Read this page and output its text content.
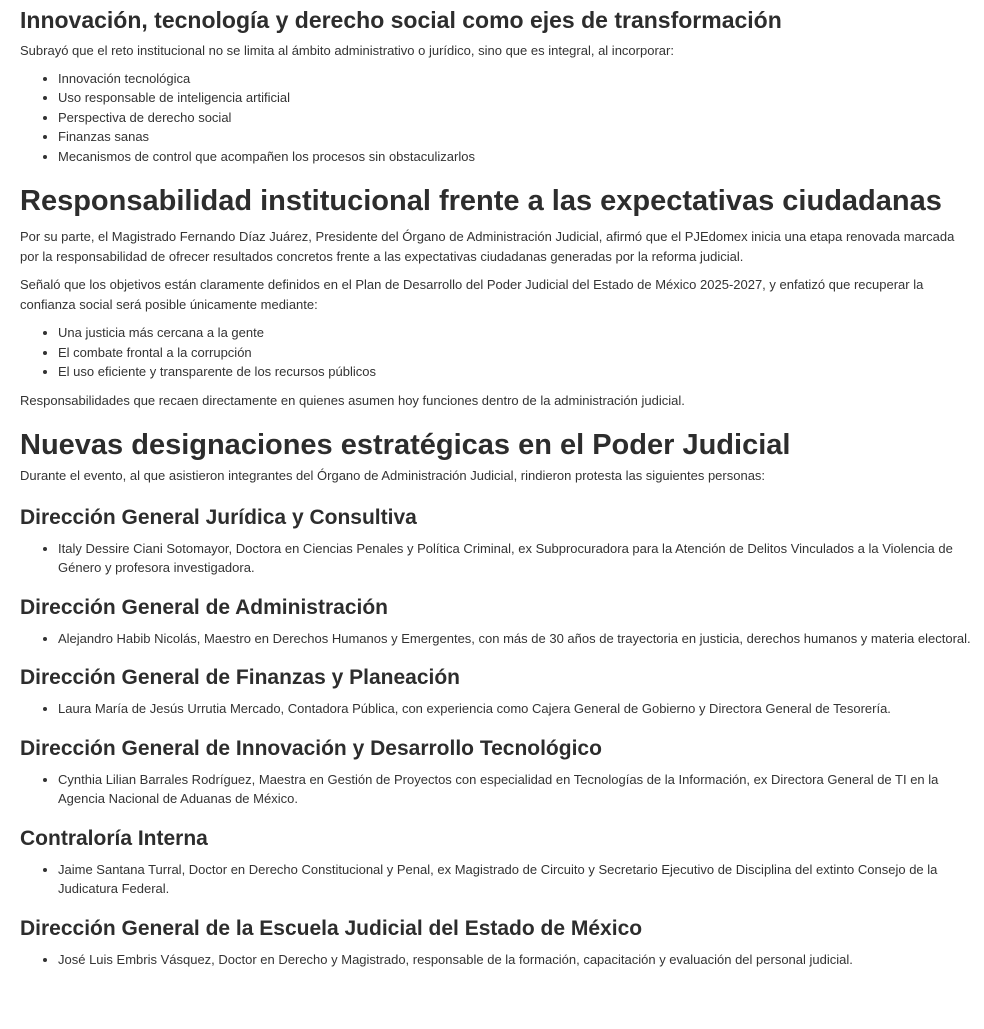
Innovación, tecnología y derecho social como ejes de transformación

Subrayó que el reto institucional no se limita al ámbito administrativo o jurídico, sino que es integral, al incorporar:

• Innovación tecnológica
• Uso responsable de inteligencia artificial
• Perspectiva de derecho social
• Finanzas sanas
• Mecanismos de control que acompañen los procesos sin obstaculizarlos
Responsabilidad institucional frente a las expectativas ciudadanas

Por su parte, el Magistrado Fernando Díaz Juárez, Presidente del Órgano de Administración Judicial, afirmó que el PJEdomex inicia una etapa renovada marcada por la responsabilidad de ofrecer resultados concretos frente a las expectativas ciudadanas generadas por la reforma judicial.

Señaló que los objetivos están claramente definidos en el Plan de Desarrollo del Poder Judicial del Estado de México 2025-2027, y enfatizó que recuperar la confianza social será posible únicamente mediante:

• Una justicia más cercana a la gente
• El combate frontal a la corrupción
• El uso eficiente y transparente de los recursos públicos

Responsabilidades que recaen directamente en quienes asumen hoy funciones dentro de la administración judicial.

Nuevas designaciones estratégicas en el Poder Judicial

Durante el evento, al que asistieron integrantes del Órgano de Administración Judicial, rindieron protesta las siguientes personas:

Dirección General Jurídica y Consultiva
• Italy Dessire Ciani Sotomayor, Doctora en Ciencias Penales y Política Criminal, ex Subprocuradora para la Atención de Delitos Vinculados a la Violencia de Género y profesora investigadora.
Dirección General de Administración
• Alejandro Habib Nicolás, Maestro en Derechos Humanos y Emergentes, con más de 30 años de trayectoria en justicia, derechos humanos y materia electoral.
Dirección General de Finanzas y Planeación
• Laura María de Jesús Urrutia Mercado, Contadora Pública, con experiencia como Cajera General de Gobierno y Directora General de Tesorería.
Dirección General de Innovación y Desarrollo Tecnológico
• Cynthia Lilian Barrales Rodríguez, Maestra en Gestión de Proyectos con especialidad en Tecnologías de la Información, ex Directora General de TI en la Agencia Nacional de Aduanas de México.
Contraloría Interna
• Jaime Santana Turral, Doctor en Derecho Constitucional y Penal, ex Magistrado de Circuito y Secretario Ejecutivo de Disciplina del extinto Consejo de la Judicatura Federal.
Dirección General de la Escuela Judicial del Estado de México
• José Luis Embris Vásquez, Doctor en Derecho y Magistrado, responsable de la formación, capacitación y evaluación del personal judicial.
